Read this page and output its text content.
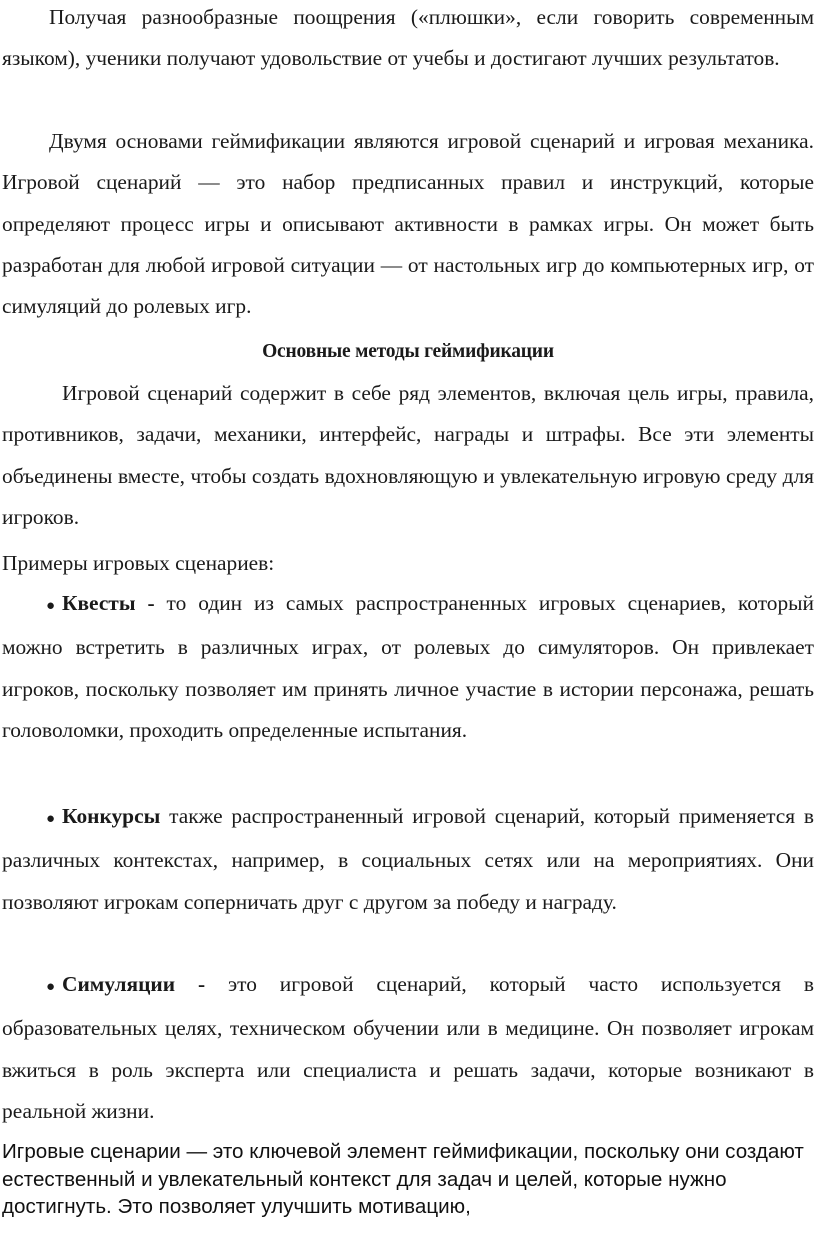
Получая разнообразные поощрения («плюшки», если говорить современным языком), ученики получают удовольствие от учебы и достигают лучших результатов.

Двумя основами геймификации являются игровой сценарий и игровая механика. Игровой сценарий — это набор предписанных правил и инструкций, которые определяют процесс игры и описывают активности в рамках игры. Он может быть разработан для любой игровой ситуации — от настольных игр до компьютерных игр, от симуляций до ролевых игр.

Основные методы геймификации

Игровой сценарий содержит в себе ряд элементов, включая цель игры, правила, противников, задачи, механики, интерфейс, награды и штрафы. Все эти элементы объединены вместе, чтобы создать вдохновляющую и увлекательную игровую среду для игроков.

Примеры игровых сценариев:

● Квесты - то один из самых распространенных игровых сценариев, который можно встретить в различных играх, от ролевых до симуляторов. Он привлекает игроков, поскольку позволяет им принять личное участие в истории персонажа, решать головоломки, проходить определенные испытания.

● Конкурсы также распространенный игровой сценарий, который применяется в различных контекстах, например, в социальных сетях или на мероприятиях. Они позволяют игрокам соперничать друг с другом за победу и награду.

● Симуляции - это игровой сценарий, который часто используется в образовательных целях, техническом обучении или в медицине. Он позволяет игрокам вжиться в роль эксперта или специалиста и решать задачи, которые возникают в реальной жизни.

Игровые сценарии — это ключевой элемент геймификации, поскольку они создают естественный и увлекательный контекст для задач и целей, которые нужно достигнуть. Это позволяет улучшить мотивацию,
